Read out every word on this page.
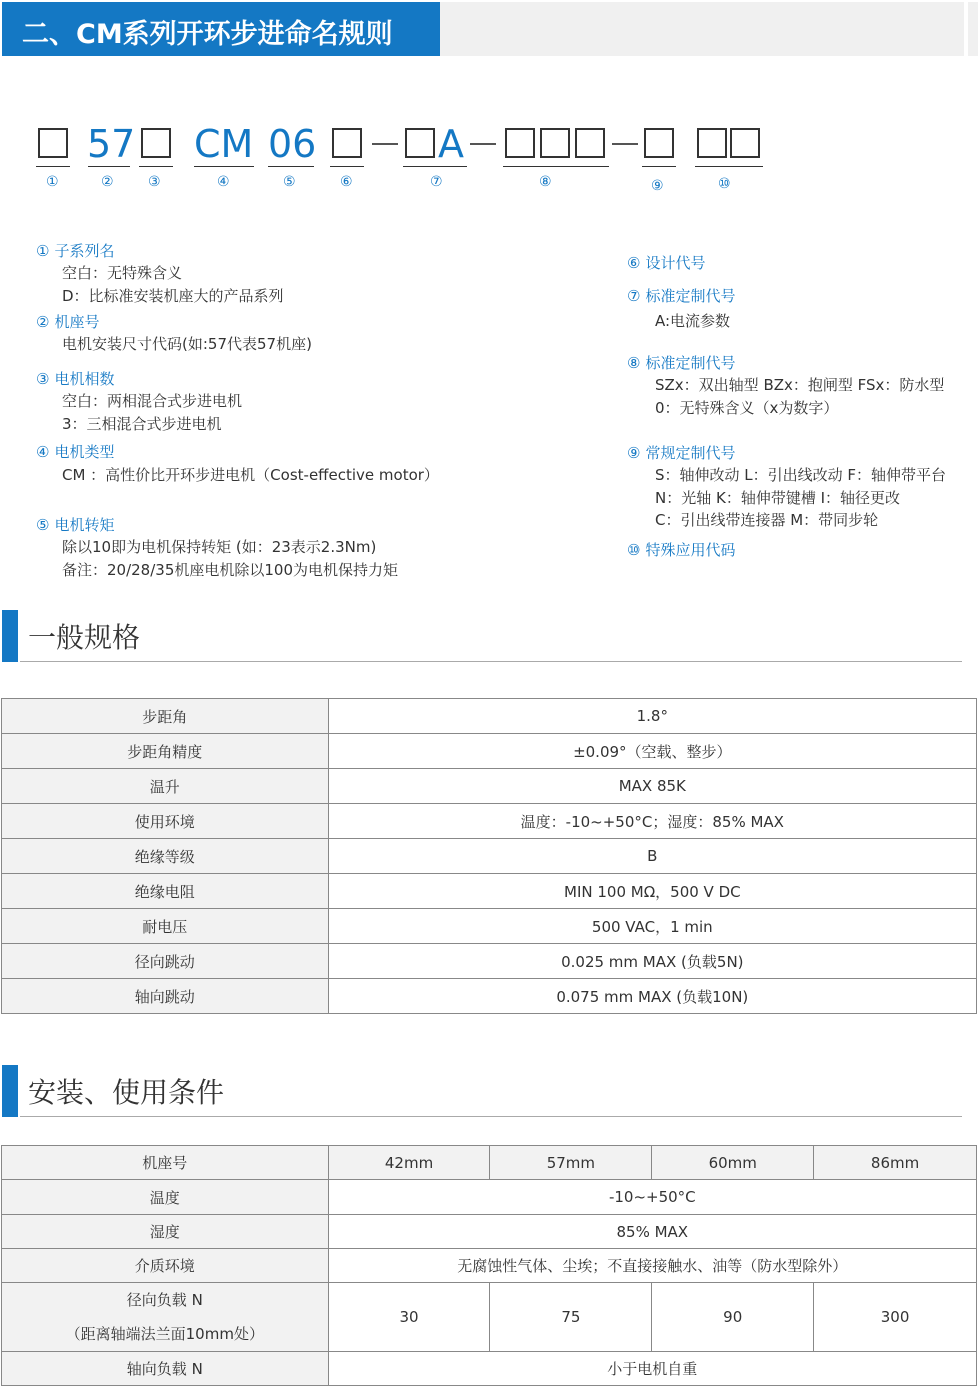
二、CM系列开环步进命名规则
57 CM 06	A
①	② ③	④	⑤	⑥	⑦	⑧	⑨	⑩
① 子系列名
空白：无特殊含义
D：比标准安装机座大的产品系列
② 机座号
电机安装尺寸代码(如:57代表57机座)
③ 电机相数
空白：两相混合式步进电机
3：三相混合式步进电机
④ 电机类型
CM ：高性价比开环步进电机（Cost-effective motor）
⑤ 电机转矩
除以10即为电机保持转矩 (如：23表示2.3Nm)
备注：20/28/35机座电机除以100为电机保持力矩
⑥ 设计代号
⑦ 标准定制代号
A:电流参数
⑧ 标准定制代号
SZx：双出轴型 BZx：抱闸型 FSx：防水型
0：无特殊含义（x为数字）
⑨ 常规定制代号
S：轴伸改动 L：引出线改动 F：轴伸带平台
N：光轴 K：轴伸带键槽 I：轴径更改
C：引出线带连接器 M：带同步轮
⑩ 特殊应用代码
一般规格
步距角	1.8°
步距角精度	±0.09°（空载、整步）
温升	MAX 85K
使用环境	温度：-10~+50°C；湿度：85% MAX
绝缘等级	B
绝缘电阻	MIN 100 MΩ，500 V DC
耐电压	500 VAC，1 min
径向跳动	0.025 mm MAX (负载5N)
轴向跳动	0.075 mm MAX (负载10N)
安装、使用条件
机座号	42mm	57mm	60mm	86mm
温度	-10~+50°C			
湿度	85% MAX			
介质环境	无腐蚀性气体、尘埃；不直接接触水、油等（防水型除外）			

径向负载 N
（距离轴端法兰面10mm处）	30	75	90	300
轴向负载 N	小于电机自重			
